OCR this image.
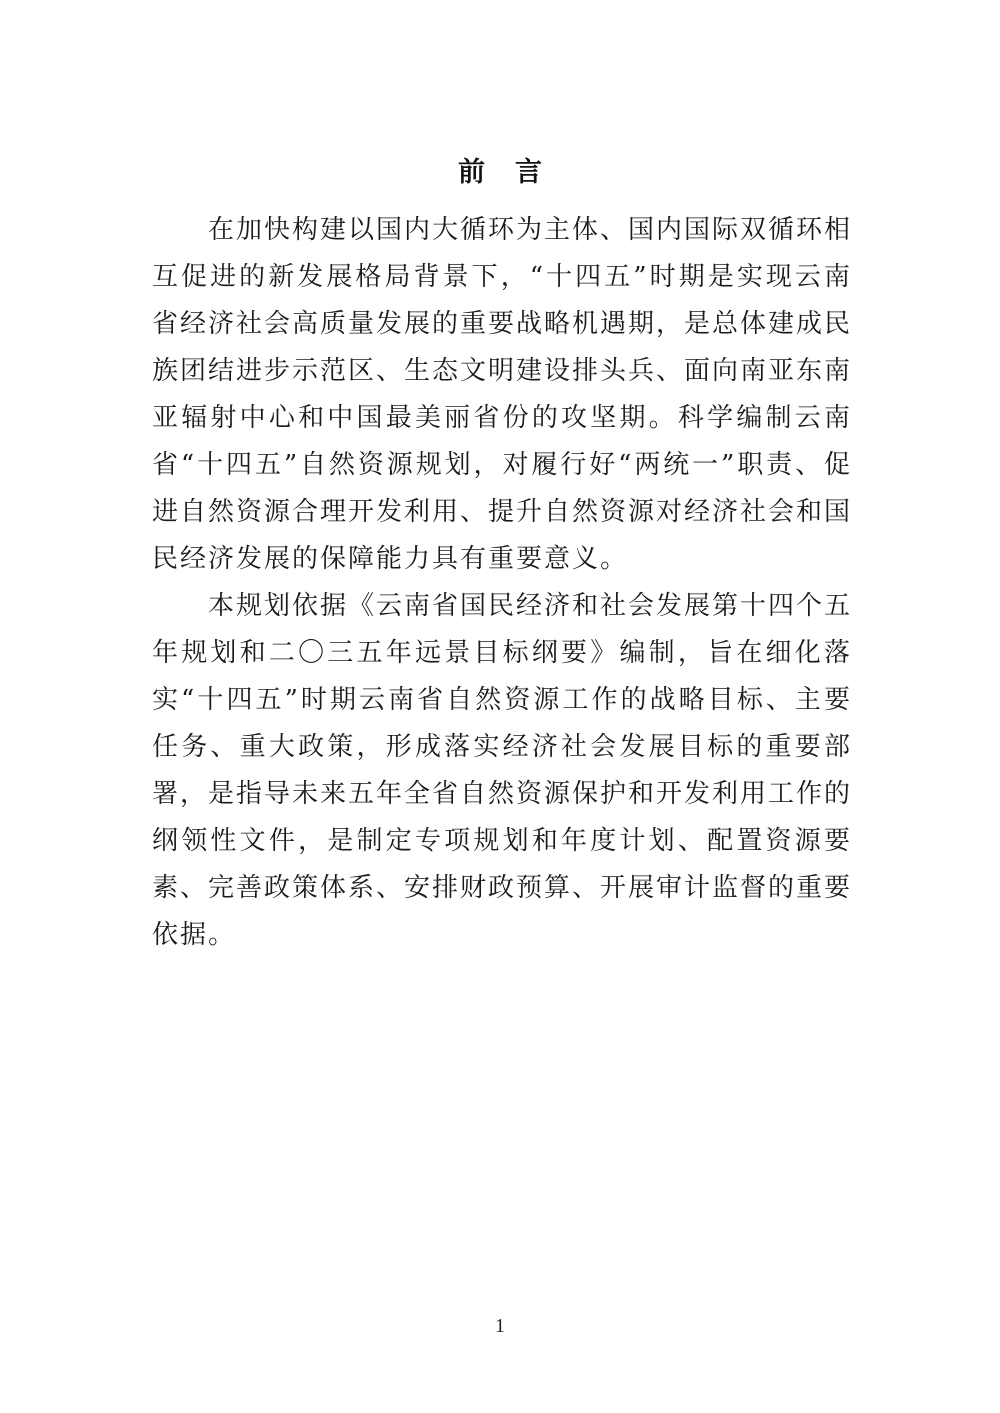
前言

在加快构建以国内大循环为主体、国内国际双循环相互促进的新发展格局背景下，“十四五”时期是实现云南省经济社会高质量发展的重要战略机遇期，是总体建成民族团结进步示范区、生态文明建设排头兵、面向南亚东南亚辐射中心和中国最美丽省份的攻坚期。科学编制云南省“十四五”自然资源规划，对履行好“两统一”职责、促进自然资源合理开发利用、提升自然资源对经济社会和国民经济发展的保障能力具有重要意义。

本规划依据《云南省国民经济和社会发展第十四个五年规划和二〇三五年远景目标纲要》编制，旨在细化落实“十四五”时期云南省自然资源工作的战略目标、主要任务、重大政策，形成落实经济社会发展目标的重要部署，是指导未来五年全省自然资源保护和开发利用工作的纲领性文件，是制定专项规划和年度计划、配置资源要素、完善政策体系、安排财政预算、开展审计监督的重要依据。

1
